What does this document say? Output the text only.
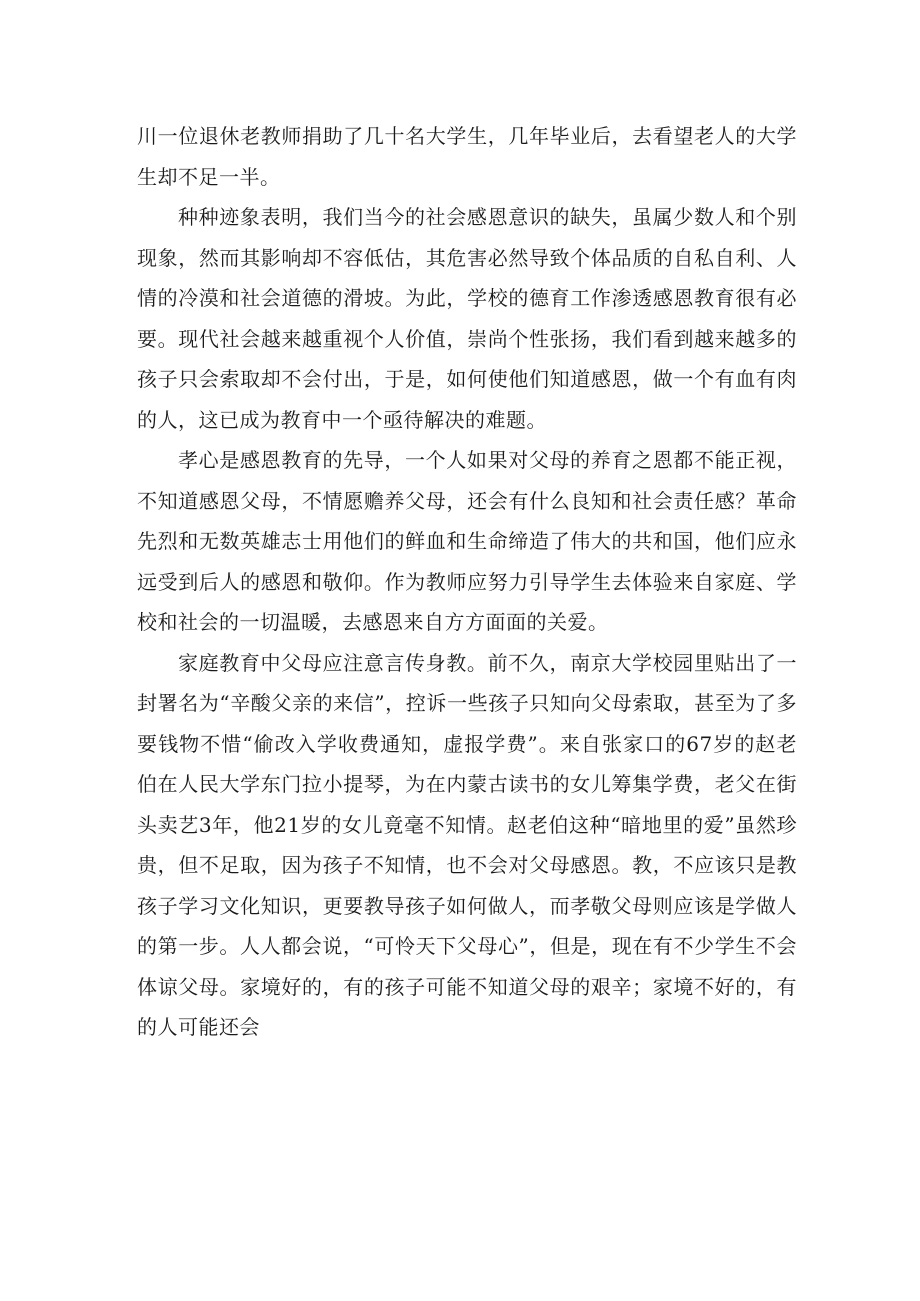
川一位退休老教师捐助了几十名大学生，几年毕业后，去看望老人的大学生却不足一半。

种种迹象表明，我们当今的社会感恩意识的缺失，虽属少数人和个别现象，然而其影响却不容低估，其危害必然导致个体品质的自私自利、人情的冷漠和社会道德的滑坡。为此，学校的德育工作渗透感恩教育很有必要。现代社会越来越重视个人价值，崇尚个性张扬，我们看到越来越多的孩子只会索取却不会付出，于是，如何使他们知道感恩，做一个有血有肉的人，这已成为教育中一个亟待解决的难题。

孝心是感恩教育的先导，一个人如果对父母的养育之恩都不能正视，不知道感恩父母，不情愿赡养父母，还会有什么良知和社会责任感？革命先烈和无数英雄志士用他们的鲜血和生命缔造了伟大的共和国，他们应永远受到后人的感恩和敬仰。作为教师应努力引导学生去体验来自家庭、学校和社会的一切温暖，去感恩来自方方面面的关爱。

家庭教育中父母应注意言传身教。前不久，南京大学校园里贴出了一封署名为“辛酸父亲的来信”，控诉一些孩子只知向父母索取，甚至为了多要钱物不惜“偷改入学收费通知，虚报学费”。来自张家口的67岁的赵老伯在人民大学东门拉小提琴，为在内蒙古读书的女儿筹集学费，老父在街头卖艺3年，他21岁的女儿竟毫不知情。赵老伯这种“暗地里的爱”虽然珍贵，但不足取，因为孩子不知情，也不会对父母感恩。教，不应该只是教孩子学习文化知识，更要教导孩子如何做人，而孝敬父母则应该是学做人的第一步。人人都会说，“可怜天下父母心”，但是，现在有不少学生不会体谅父母。家境好的，有的孩子可能不知道父母的艰辛；家境不好的，有的人可能还会
